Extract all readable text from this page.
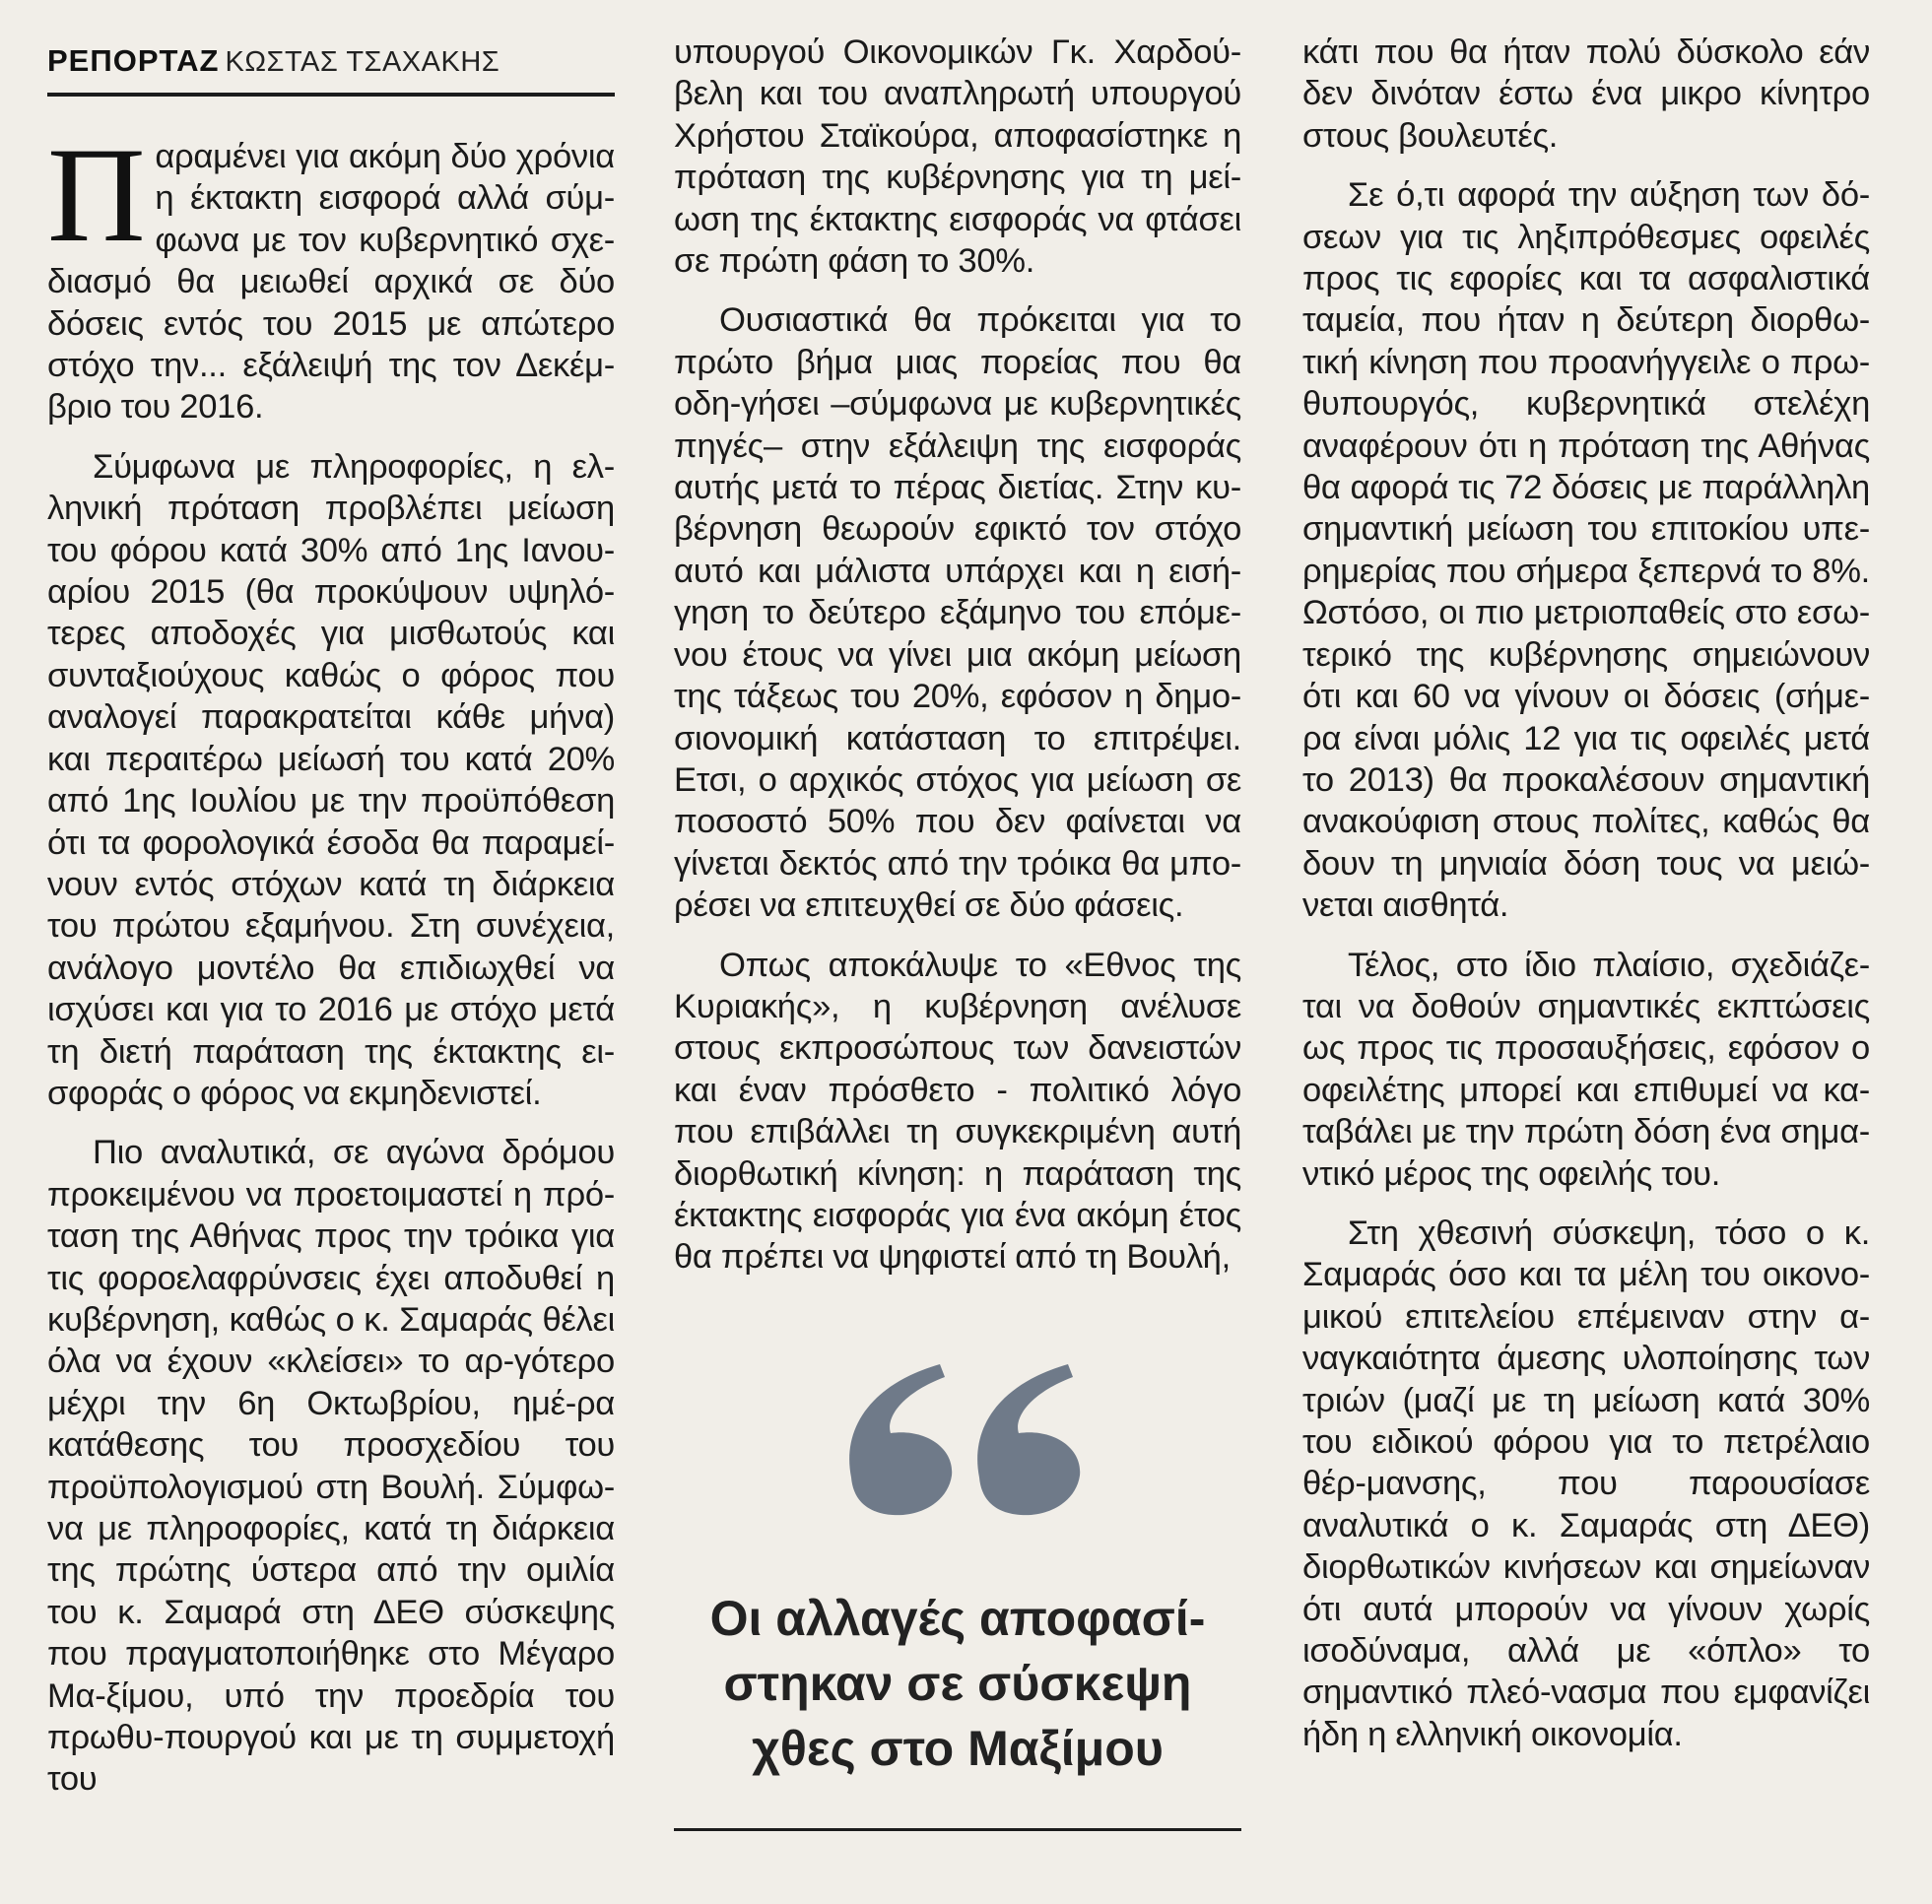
ΡΕΠΟΡΤΑΖ ΚΩΣΤΑΣ ΤΣΑΧΑΚΗΣ

Παραμένει για ακόμη δύο χρόνια η έκτακτη εισφορά αλλά σύμ-φωνα με τον κυβερνητικό σχε-διασμό θα μειωθεί αρχικά σε δύο δόσεις εντός του 2015 με απώτερο στόχο την... εξάλειψή της τον Δεκέμ-βριο του 2016.

Σύμφωνα με πληροφορίες, η ελ-ληνική πρόταση προβλέπει μείωση του φόρου κατά 30% από 1ης Ιανου-αρίου 2015 (θα προκύψουν υψηλό-τερες αποδοχές για μισθωτούς και συνταξιούχους καθώς ο φόρος που αναλογεί παρακρατείται κάθε μήνα) και περαιτέρω μείωσή του κατά 20% από 1ης Ιουλίου με την προϋπόθεση ότι τα φορολογικά έσοδα θα παραμεί-νουν εντός στόχων κατά τη διάρκεια του πρώτου εξαμήνου. Στη συνέχεια, ανάλογο μοντέλο θα επιδιωχθεί να ισχύσει και για το 2016 με στόχο μετά τη διετή παράταση της έκτακτης ει-σφοράς ο φόρος να εκμηδενιστεί.

Πιο αναλυτικά, σε αγώνα δρόμου προκειμένου να προετοιμαστεί η πρό-ταση της Αθήνας προς την τρόικα για τις φοροελαφρύνσεις έχει αποδυθεί η κυβέρνηση, καθώς ο κ. Σαμαράς θέλει όλα να έχουν «κλείσει» το αρ-γότερο μέχρι την 6η Οκτωβρίου, ημέ-ρα κατάθεσης του προσχεδίου του προϋπολογισμού στη Βουλή. Σύμφω-να με πληροφορίες, κατά τη διάρκεια της πρώτης ύστερα από την ομιλία του κ. Σαμαρά στη ΔΕΘ σύσκεψης που πραγματοποιήθηκε στο Μέγαρο Μα-ξίμου, υπό την προεδρία του πρωθυ-πουργού και με τη συμμετοχή του

υπουργού Οικονομικών Γκ. Χαρδού-βελη και του αναπληρωτή υπουργού Χρήστου Σταϊκούρα, αποφασίστηκε η πρόταση της κυβέρνησης για τη μεί-ωση της έκτακτης εισφοράς να φτάσει σε πρώτη φάση το 30%.

Ουσιαστικά θα πρόκειται για το πρώτο βήμα μιας πορείας που θα οδη-γήσει –σύμφωνα με κυβερνητικές πηγές– στην εξάλειψη της εισφοράς αυτής μετά το πέρας διετίας. Στην κυ-βέρνηση θεωρούν εφικτό τον στόχο αυτό και μάλιστα υπάρχει και η εισή-γηση το δεύτερο εξάμηνο του επόμε-νου έτους να γίνει μια ακόμη μείωση της τάξεως του 20%, εφόσον η δημο-σιονομική κατάσταση το επιτρέψει. Ετσι, ο αρχικός στόχος για μείωση σε ποσοστό 50% που δεν φαίνεται να γίνεται δεκτός από την τρόικα θα μπο-ρέσει να επιτευχθεί σε δύο φάσεις.

Οπως αποκάλυψε το «Εθνος της Κυριακής», η κυβέρνηση ανέλυσε στους εκπροσώπους των δανειστών και έναν πρόσθετο - πολιτικό λόγο που επιβάλλει τη συγκεκριμένη αυτή διορθωτική κίνηση: η παράταση της έκτακτης εισφοράς για ένα ακόμη έτος θα πρέπει να ψηφιστεί από τη Βουλή,

Οι αλλαγές αποφασί-στηκαν σε σύσκεψη χθες στο Μαξίμου

κάτι που θα ήταν πολύ δύσκολο εάν δεν δινόταν έστω ένα μικρο κίνητρο στους βουλευτές.

Σε ό,τι αφορά την αύξηση των δό-σεων για τις ληξιπρόθεσμες οφειλές προς τις εφορίες και τα ασφαλιστικά ταμεία, που ήταν η δεύτερη διορθω-τική κίνηση που προανήγγειλε ο πρω-θυπουργός, κυβερνητικά στελέχη αναφέρουν ότι η πρόταση της Αθήνας θα αφορά τις 72 δόσεις με παράλληλη σημαντική μείωση του επιτοκίου υπε-ρημερίας που σήμερα ξεπερνά το 8%. Ωστόσο, οι πιο μετριοπαθείς στο εσω-τερικό της κυβέρνησης σημειώνουν ότι και 60 να γίνουν οι δόσεις (σήμε-ρα είναι μόλις 12 για τις οφειλές μετά το 2013) θα προκαλέσουν σημαντική ανακούφιση στους πολίτες, καθώς θα δουν τη μηνιαία δόση τους να μειώ-νεται αισθητά.

Τέλος, στο ίδιο πλαίσιο, σχεδιάζε-ται να δοθούν σημαντικές εκπτώσεις ως προς τις προσαυξήσεις, εφόσον ο οφειλέτης μπορεί και επιθυμεί να κα-ταβάλει με την πρώτη δόση ένα σημα-ντικό μέρος της οφειλής του.

Στη χθεσινή σύσκεψη, τόσο ο κ. Σαμαράς όσο και τα μέλη του οικονο-μικού επιτελείου επέμειναν στην α-ναγκαιότητα άμεσης υλοποίησης των τριών (μαζί με τη μείωση κατά 30% του ειδικού φόρου για το πετρέλαιο θέρ-μανσης, που παρουσίασε αναλυτικά ο κ. Σαμαράς στη ΔΕΘ) διορθωτικών κινήσεων και σημείωναν ότι αυτά μπορούν να γίνουν χωρίς ισοδύναμα, αλλά με «όπλο» το σημαντικό πλεό-νασμα που εμφανίζει ήδη η ελληνική οικονομία.
